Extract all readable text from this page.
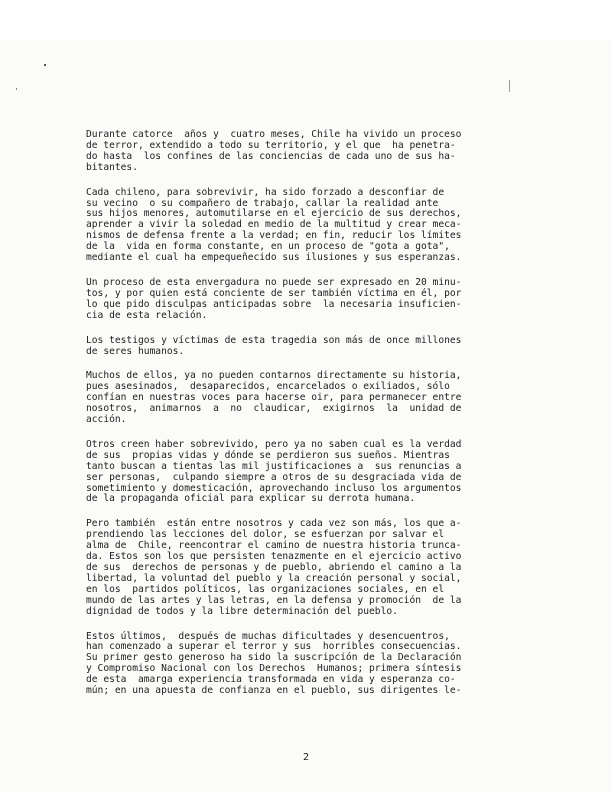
Durante catorce  años y  cuatro meses, Chile ha vivido un proceso
de terror, extendido a todo su territorio, y el que  ha penetra-
do hasta  los confines de las conciencias de cada uno de sus ha-
bitantes.
Cada chileno, para sobrevivir, ha sido forzado a desconfiar de
su vecino  o su compañero de trabajo, callar la realidad ante
sus hijos menores, automutilarse en el ejercicio de sus derechos,
aprender a vivir la soledad en medio de la multitud y crear meca-
nismos de defensa frente a la verdad; en fin, reducir los límites
de la  vida en forma constante, en un proceso de "gota a gota",
mediante el cual ha empequeñecido sus ilusiones y sus esperanzas.
Un proceso de esta envergadura no puede ser expresado en 20 minu-
tos, y por quien está conciente de ser también víctima en él, por
lo que pido disculpas anticipadas sobre  la necesaria insuficien-
cia de esta relación.
Los testigos y víctimas de esta tragedia son más de once millones
de seres humanos.
Muchos de ellos, ya no pueden contarnos directamente su historia,
pues asesinados,  desaparecidos, encarcelados o exiliados, sólo
confían en nuestras voces para hacerse oir, para permanecer entre
nosotros,  animarnos  a  no  claudicar,  exigirnos  la  unidad de
acción.
Otros creen haber sobrevivido, pero ya no saben cual es la verdad
de sus  propias vidas y dónde se perdieron sus sueños. Mientras
tanto buscan a tientas las mil justificaciones a  sus renuncias a
ser personas,  culpando siempre a otros de su desgraciada vida de
sometimiento y domesticación, aprovechando incluso los argumentos
de la propaganda oficial para explicar su derrota humana.
Pero también  están entre nosotros y cada vez son más, los que a-
prendiendo las lecciones del dolor, se esfuerzan por salvar el
alma de  Chile, reencontrar el camino de nuestra historia trunca-
da. Estos son los que persisten tenazmente en el ejercicio activo
de sus  derechos de personas y de pueblo, abriendo el camino a la
libertad, la voluntad del pueblo y la creación personal y social,
en los  partidos políticos, las organizaciones sociales, en el
mundo de las artes y las letras, en la defensa y promoción  de la
dignidad de todos y la libre determinación del pueblo.
Estos últimos,  después de muchas dificultades y desencuentros,
han comenzado a superar el terror y sus  horribles consecuencias.
Su primer gesto generoso ha sido la suscripción de la Declaración
y Compromiso Nacional con los Derechos  Humanos; primera síntesis
de esta  amarga experiencia transformada en vida y esperanza co-
mún; en una apuesta de confianza en el pueblo, sus dirigentes le-
2
